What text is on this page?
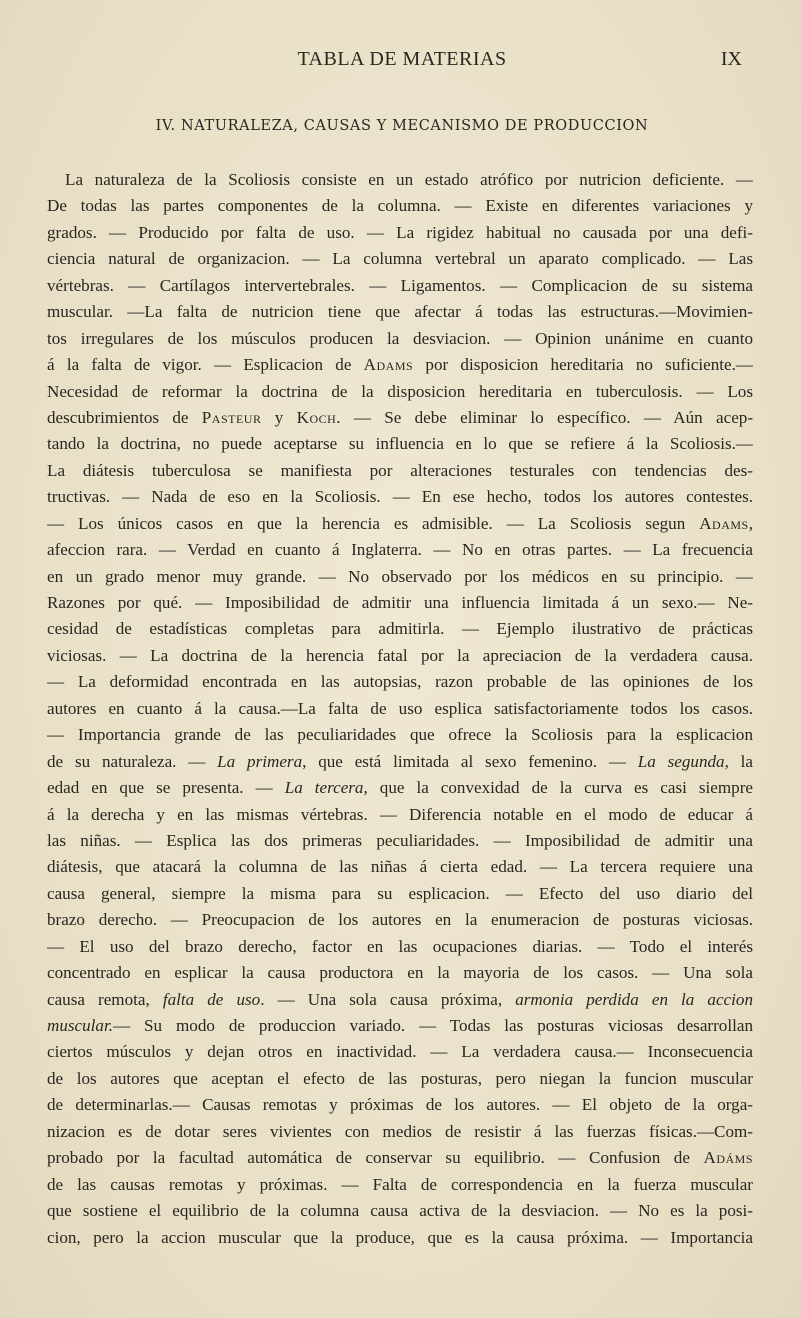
TABLA DE MATERIAS	IX
IV. NATURALEZA, CAUSAS Y MECANISMO DE PRODUCCION
La naturaleza de la Scoliosis consiste en un estado atrófico por nutricion deficiente. —
De todas las partes componentes de la columna. — Existe en diferentes variaciones y
grados. — Producido por falta de uso. — La rigidez habitual no causada por una defi-
ciencia natural de organizacion. — La columna vertebral un aparato complicado. — Las
vértebras. — Cartílagos intervertebrales. — Ligamentos. — Complicacion de su sistema
muscular. —La falta de nutricion tiene que afectar á todas las estructuras.—Movimien-
tos irregulares de los músculos producen la desviacion. — Opinion unánime en cuanto
á la falta de vigor. — Esplicacion de Adams por disposicion hereditaria no suficiente.—
Necesidad de reformar la doctrina de la disposicion hereditaria en tuberculosis. — Los
descubrimientos de Pasteur y Koch. — Se debe eliminar lo específico. — Aún acep-
tando la doctrina, no puede aceptarse su influencia en lo que se refiere á la Scoliosis.—
La diátesis tuberculosa se manifiesta por alteraciones testurales con tendencias des-
tructivas. — Nada de eso en la Scoliosis. — En ese hecho, todos los autores contestes.
— Los únicos casos en que la herencia es admisible. — La Scoliosis segun Adams,
afeccion rara. — Verdad en cuanto á Inglaterra. — No en otras partes. — La frecuencia
en un grado menor muy grande. — No observado por los médicos en su principio. —
Razones por qué. — Imposibilidad de admitir una influencia limitada á un sexo.— Ne-
cesidad de estadísticas completas para admitirla. — Ejemplo ilustrativo de prácticas
viciosas. — La doctrina de la herencia fatal por la apreciacion de la verdadera causa.
— La deformidad encontrada en las autopsias, razon probable de las opiniones de los
autores en cuanto á la causa.—La falta de uso esplica satisfactoriamente todos los casos.
— Importancia grande de las peculiaridades que ofrece la Scoliosis para la esplicacion
de su naturaleza. — La primera, que está limitada al sexo femenino. — La segunda, la
edad en que se presenta. — La tercera, que la convexidad de la curva es casi siempre
á la derecha y en las mismas vértebras. — Diferencia notable en el modo de educar á
las niñas. — Esplica las dos primeras peculiaridades. — Imposibilidad de admitir una
diátesis, que atacará la columna de las niñas á cierta edad. — La tercera requiere una
causa general, siempre la misma para su esplicacion. — Efecto del uso diario del
brazo derecho. — Preocupacion de los autores en la enumeracion de posturas viciosas.
— El uso del brazo derecho, factor en las ocupaciones diarias. — Todo el interés
concentrado en esplicar la causa productora en la mayoria de los casos. — Una sola
causa remota, falta de uso. — Una sola causa próxima, armonia perdida en la accion
muscular.— Su modo de produccion variado. — Todas las posturas viciosas desarrollan
ciertos músculos y dejan otros en inactividad. — La verdadera causa.— Inconsecuencia
de los autores que aceptan el efecto de las posturas, pero niegan la funcion muscular
de determinarlas.— Causas remotas y próximas de los autores. — El objeto de la orga-
nizacion es de dotar seres vivientes con medios de resistir á las fuerzas físicas.—Com-
probado por la facultad automática de conservar su equilibrio. — Confusion de Adáms
de las causas remotas y próximas. — Falta de correspondencia en la fuerza muscular
que sostiene el equilibrio de la columna causa activa de la desviacion. — No es la posi-
cion, pero la accion muscular que la produce, que es la causa próxima. — Importancia
